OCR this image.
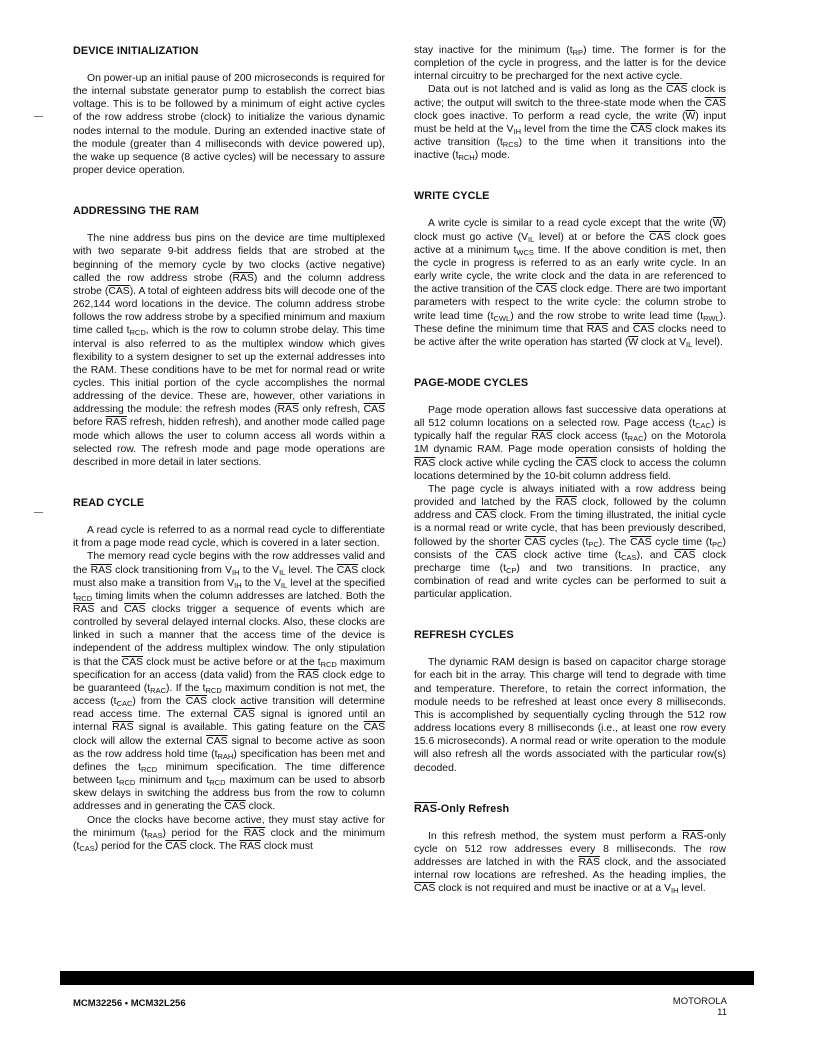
DEVICE INITIALIZATION

On power-up an initial pause of 200 microseconds is required for the internal substate generator pump to establish the correct bias voltage. This is to be followed by a minimum of eight active cycles of the row address strobe (clock) to initialize the various dynamic nodes internal to the module. During an extended inactive state of the module (greater than 4 milliseconds with device powered up), the wake up sequence (8 active cycles) will be necessary to assure proper device operation.

ADDRESSING THE RAM

The nine address bus pins on the device are time multiplexed with two separate 9-bit address fields that are strobed at the beginning of the memory cycle by two clocks (active negative) called the row address strobe $(\overline{RAS})$ and the column address strobe $(\overline{CAS})$. A total of eighteen address bits will decode one of the 262,144 word locations in the device. The column address strobe follows the row address strobe by a specified minimum and maxium time called $t_{RCD}$, which is the row to column strobe delay. This time interval is also referred to as the multiplex window which gives flexibility to a system designer to set up the external addresses into the RAM. These conditions have to be met for normal read or write cycles. This initial portion of the cycle accomplishes the normal addressing of the device. These are, however, other variations in addressing the module: the refresh modes ($\overline{RAS}$ only refresh, $\overline{CAS}$ before $\overline{RAS}$ refresh, hidden refresh), and another mode called page mode which allows the user to column access all words within a selected row. The refresh mode and page mode operations are described in more detail in later sections.

READ CYCLE

A read cycle is referred to as a normal read cycle to differentiate it from a page mode read cycle, which is covered in a later section.

The memory read cycle begins with the row addresses valid and the $\overline{RAS}$ clock transitioning from $V_{IH}$ to the $V_{IL}$ level. The $\overline{CAS}$ clock must also make a transition from $V_{IH}$ to the $V_{IL}$ level at the specified $t_{RCD}$ timing limits when the column addresses are latched. Both the $\overline{RAS}$ and $\overline{CAS}$ clocks trigger a sequence of events which are controlled by several delayed internal clocks. Also, these clocks are linked in such a manner that the access time of the device is independent of the address multiplex window. The only stipulation is that the $\overline{CAS}$ clock must be active before or at the $t_{RCD}$ maximum specification for an access (data valid) from the $\overline{RAS}$ clock edge to be guaranteed $(t_{RAC})$. If the $t_{RCD}$ maximum condition is not met, the access $(t_{CAC})$ from the $\overline{CAS}$ clock active transition will determine read access time. The external $\overline{CAS}$ signal is ignored until an internal $\overline{RAS}$ signal is available. This gating feature on the $\overline{CAS}$ clock will allow the external $\overline{CAS}$ signal to become active as soon as the row address hold time $(t_{RAH})$ specification has been met and defines the $t_{RCD}$ minimum specification. The time difference between $t_{RCD}$ minimum and $t_{RCD}$ maximum can be used to absorb skew delays in switching the address bus from the row to column addresses and in generating the $\overline{CAS}$ clock.

Once the clocks have become active, they must stay active for the minimum $(t_{RAS})$ period for the $\overline{RAS}$ clock and the minimum $(t_{CAS})$ period for the $\overline{CAS}$ clock. The $\overline{RAS}$ clock must

stay inactive for the minimum $(t_{RP})$ time. The former is for the completion of the cycle in progress, and the latter is for the device internal circuitry to be precharged for the next active cycle.

Data out is not latched and is valid as long as the $\overline{CAS}$ clock is active; the output will switch to the three-state mode when the $\overline{CAS}$ clock goes inactive. To perform a read cycle, the write $(\overline{W})$ input must be held at the $V_{IH}$ level from the time the $\overline{CAS}$ clock makes its active transition $(t_{RCS})$ to the time when it transitions into the inactive $(t_{RCH})$ mode.

WRITE CYCLE

A write cycle is similar to a read cycle except that the write $(\overline{W})$ clock must go active ($V_{IL}$ level) at or before the $\overline{CAS}$ clock goes active at a minimum $t_{WCS}$ time. If the above condition is met, then the cycle in progress is referred to as an early write cycle. In an early write cycle, the write clock and the data in are referenced to the active transition of the $\overline{CAS}$ clock edge. There are two important parameters with respect to the write cycle: the column strobe to write lead time $(t_{CWL})$ and the row strobe to write lead time $(t_{RWL})$. These define the minimum time that $\overline{RAS}$ and $\overline{CAS}$ clocks need to be active after the write operation has started ($\overline{W}$ clock at $V_{IL}$ level).

PAGE-MODE CYCLES

Page mode operation allows fast successive data operations at all 512 column locations on a selected row. Page access $(t_{CAC})$ is typically half the regular $\overline{RAS}$ clock access $(t_{RAC})$ on the Motorola 1M dynamic RAM. Page mode operation consists of holding the $\overline{RAS}$ clock active while cycling the $\overline{CAS}$ clock to access the column locations determined by the 10-bit column address field.

The page cycle is always initiated with a row address being provided and latched by the $\overline{RAS}$ clock, followed by the column address and $\overline{CAS}$ clock. From the timing illustrated, the initial cycle is a normal read or write cycle, that has been previously described, followed by the shorter $\overline{CAS}$ cycles $(t_{PC})$. The $\overline{CAS}$ cycle time $(t_{PC})$ consists of the $\overline{CAS}$ clock active time $(t_{CAS})$, and $\overline{CAS}$ clock precharge time $(t_{CP})$ and two transitions. In practice, any combination of read and write cycles can be performed to suit a particular application.

REFRESH CYCLES

The dynamic RAM design is based on capacitor charge storage for each bit in the array. This charge will tend to degrade with time and temperature. Therefore, to retain the correct information, the module needs to be refreshed at least once every 8 milliseconds. This is accomplished by sequentially cycling through the 512 row address locations every 8 milliseconds (i.e., at least one row every 15.6 microseconds). A normal read or write operation to the module will also refresh all the words associated with the particular row(s) decoded.

$\overline{RAS}$-Only Refresh

In this refresh method, the system must perform a $\overline{RAS}$-only cycle on 512 row addresses every 8 milliseconds. The row addresses are latched in with the $\overline{RAS}$ clock, and the associated internal row locations are refreshed. As the heading implies, the $\overline{CAS}$ clock is not required and must be inactive or at a $V_{IH}$ level.

MCM32256 • MCM32L256	MOTOROLA
11
